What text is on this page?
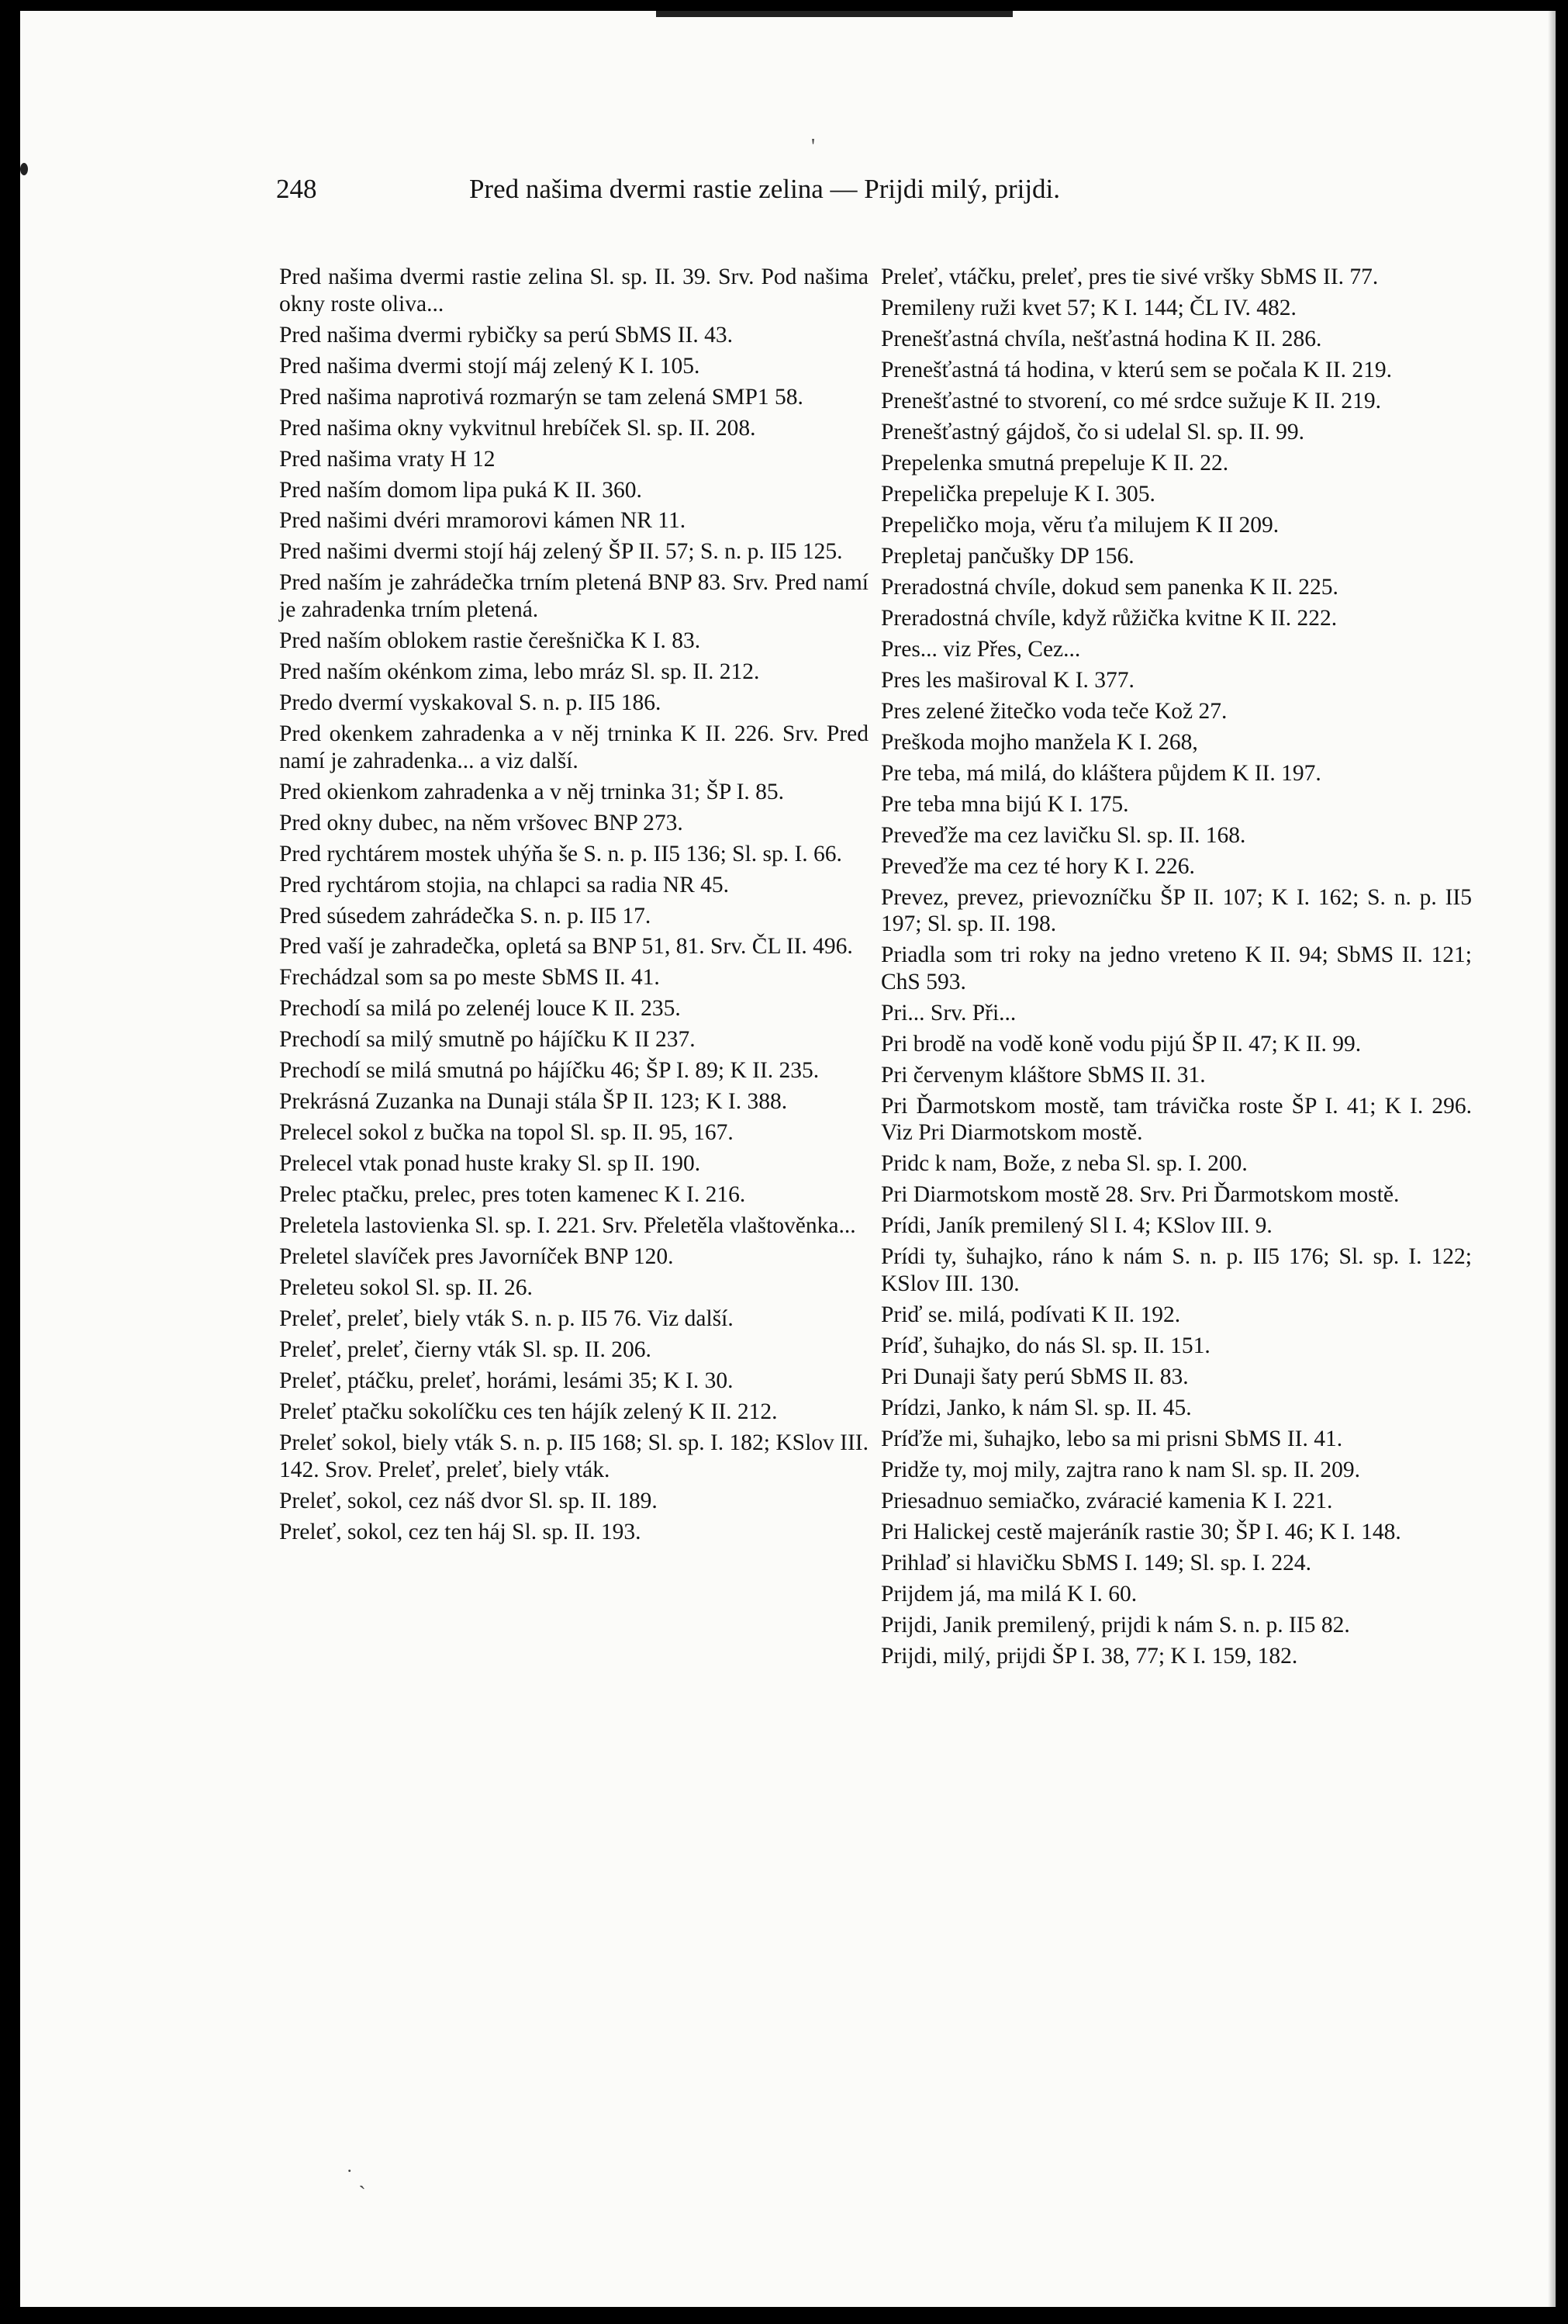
248	Pred našima dvermi rastie zelina — Prijdi milý, prijdi.

Pred našima dvermi rastie zelina Sl. sp. II. 39. Srv. Pod našima okny roste oliva...

Pred našima dvermi rybičky sa perú SbMS II. 43.

Pred našima dvermi stojí máj zelený K I. 105.

Pred našima naprotivá rozmarýn se tam zelená SMP1 58.

Pred našima okny vykvitnul hrebíček Sl. sp. II. 208.

Pred našima vraty H 12

Pred naším domom lipa puká K II. 360.

Pred našimi dvéri mramorovi kámen NR 11.

Pred našimi dvermi stojí háj zelený ŠP II. 57; S. n. p. II5 125.

Pred naším je zahrádečka trním pletená BNP 83. Srv. Pred namí je zahradenka trním pletená.

Pred naším oblokem rastie čerešnička K I. 83.

Pred naším okénkom zima, lebo mráz Sl. sp. II. 212.

Predo dvermí vyskakoval S. n. p. II5 186.

Pred okenkem zahradenka a v něj trninka K II. 226. Srv. Pred namí je zahradenka... a viz další.

Pred okienkom zahradenka a v něj trninka 31; ŠP I. 85.

Pred okny dubec, na něm vršovec BNP 273.

Pred rychtárem mostek uhýňa še S. n. p. II5 136; Sl. sp. I. 66.

Pred rychtárom stojia, na chlapci sa radia NR 45.

Pred súsedem zahrádečka S. n. p. II5 17.

Pred vaší je zahradečka, opletá sa BNP 51, 81. Srv. ČL II. 496.

Frechádzal som sa po meste SbMS II. 41.

Prechodí sa milá po zelenéj louce K II. 235.

Prechodí sa milý smutně po hájíčku K II 237.

Prechodí se milá smutná po hájíčku 46; ŠP I. 89; K II. 235.

Prekrásná Zuzanka na Dunaji stála ŠP II. 123; K I. 388.

Prelecel sokol z bučka na topol Sl. sp. II. 95, 167.

Prelecel vtak ponad huste kraky Sl. sp II. 190.

Prelec ptačku, prelec, pres toten kamenec K I. 216.

Preletela lastovienka Sl. sp. I. 221. Srv. Přeletěla vlaštověnka...

Preletel slavíček pres Javorníček BNP 120.

Preleteu sokol Sl. sp. II. 26.

Preleť, preleť, biely vták S. n. p. II5 76. Viz další.

Preleť, preleť, čierny vták Sl. sp. II. 206.

Preleť, ptáčku, preleť, horámi, lesámi 35; K I. 30.

Preleť ptačku sokolíčku ces ten hájík zelený K II. 212.

Preleť sokol, biely vták S. n. p. II5 168; Sl. sp. I. 182; KSlov III. 142. Srov. Preleť, preleť, biely vták.

Preleť, sokol, cez náš dvor Sl. sp. II. 189.

Preleť, sokol, cez ten háj Sl. sp. II. 193.

Preleť, vtáčku, preleť, pres tie sivé vršky SbMS II. 77.

Premileny ruži kvet 57; K I. 144; ČL IV. 482.

Prenešťastná chvíla, nešťastná hodina K II. 286.

Prenešťastná tá hodina, v kterú sem se počala K II. 219.

Prenešťastné to stvorení, co mé srdce sužuje K II. 219.

Prenešťastný gájdoš, čo si udelal Sl. sp. II. 99.

Prepelenka smutná prepeluje K II. 22.

Prepelička prepeluje K I. 305.

Prepeličko moja, věru ťa milujem K II 209.

Prepletaj pančušky DP 156.

Preradostná chvíle, dokud sem panenka K II. 225.

Preradostná chvíle, když růžička kvitne K II. 222.

Pres... viz Přes, Cez...

Pres les maširoval K I. 377.

Pres zelené žitečko voda teče Kož 27.

Preškoda mojho manžela K I. 268,

Pre teba, má milá, do kláštera půjdem K II. 197.

Pre teba mna bijú K I. 175.

Preveďže ma cez lavičku Sl. sp. II. 168.

Preveďže ma cez té hory K I. 226.

Prevez, prevez, prievozníčku ŠP II. 107; K I. 162; S. n. p. II5 197; Sl. sp. II. 198.

Priadla som tri roky na jedno vreteno K II. 94; SbMS II. 121; ChS 593.

Pri... Srv. Při...

Pri brodě na vodě koně vodu pijú ŠP II. 47; K II. 99.

Pri červenym kláštore SbMS II. 31.

Pri Ďarmotskom mostě, tam trávička roste ŠP I. 41; K I. 296. Viz Pri Diarmotskom mostě.

Pridc k nam, Bože, z neba Sl. sp. I. 200.

Pri Diarmotskom mostě 28. Srv. Pri Ďarmotskom mostě.

Prídi, Janík premilený Sl I. 4; KSlov III. 9.

Prídi ty, šuhajko, ráno k nám S. n. p. II5 176; Sl. sp. I. 122; KSlov III. 130.

Priď se. milá, podívati K II. 192.

Príď, šuhajko, do nás Sl. sp. II. 151.

Pri Dunaji šaty perú SbMS II. 83.

Prídzi, Janko, k nám Sl. sp. II. 45.

Príďže mi, šuhajko, lebo sa mi prisni SbMS II. 41.

Pridže ty, moj mily, zajtra rano k nam Sl. sp. II. 209.

Priesadnuo semiačko, zváracié kamenia K I. 221.

Pri Halickej cestě majeráník rastie 30; ŠP I. 46; K I. 148.

Prihlaď si hlavičku SbMS I. 149; Sl. sp. I. 224.

Prijdem já, ma milá K I. 60.

Prijdi, Janik premilený, prijdi k nám S. n. p. II5 82.

Prijdi, milý, prijdi ŠP I. 38, 77; K I. 159, 182.

'
˙ ˎ
